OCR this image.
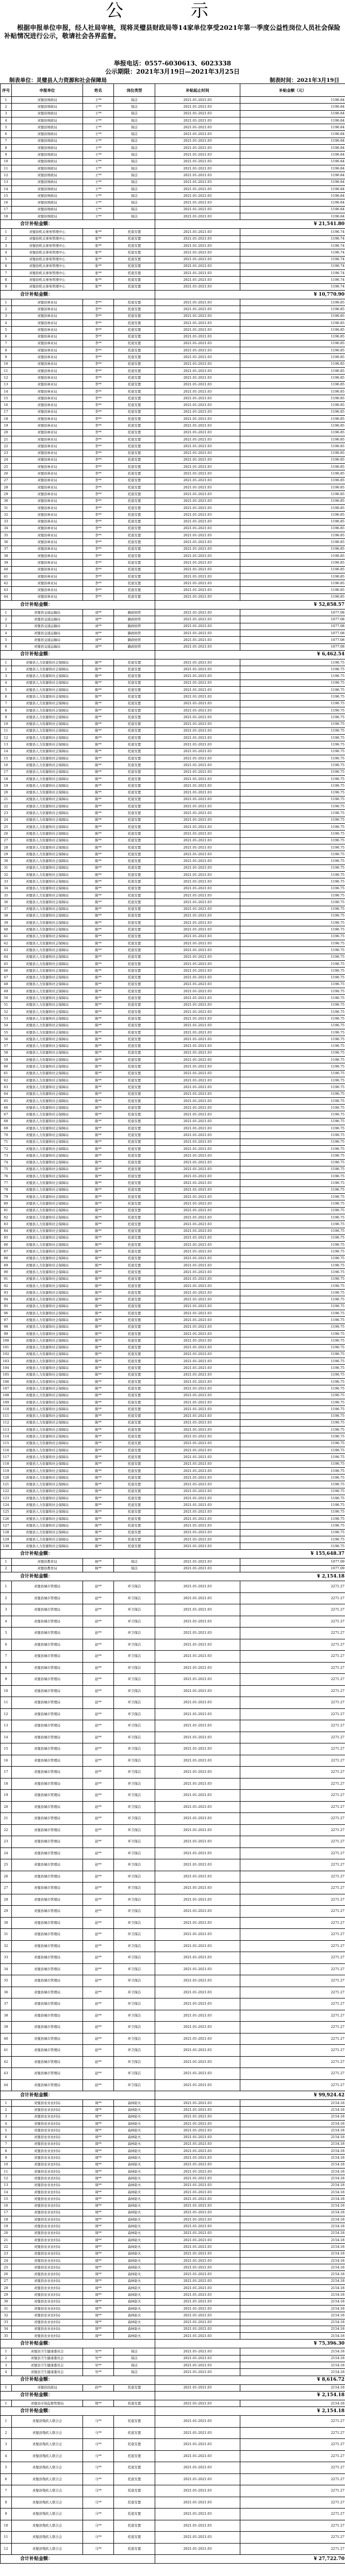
公 示
根据申报单位申报，经人社局审核，现将灵璧县财政局等14家单位享受2021年第一季度公益性岗位人员社会保险补贴情况进行公示，敬请社会各界监督。
举报电话：0557-6030613、6023338
公示期限：2021年3月19日—2021年3月25日
制表单位：灵璧县人力资源和社会保障局	制表时间：2021年3月19日
序号	申报单位	姓名	岗位类型	补贴起止时间	补贴金额（元）
1	灵璧县财政局	王**	保洁	2021.01-2021.03	1196.84
2	灵璧县财政局	王**	保洁	2021.01-2021.03	1196.84
3	灵璧县财政局	王**	保洁	2021.01-2021.03	1196.84
4	灵璧县财政局	王**	保洁	2021.01-2021.03	1196.84
5	灵璧县财政局	王**	保洁	2021.01-2021.03	1196.84
6	灵璧县财政局	王**	保洁	2021.01-2021.03	1196.84
7	灵璧县财政局	王**	保洁	2021.01-2021.03	1196.84
8	灵璧县财政局	王**	保洁	2021.01-2021.03	1196.84
9	灵璧县财政局	王**	保洁	2021.01-2021.03	1196.84
10	灵璧县财政局	王**	保洁	2021.01-2021.03	1196.84
11	灵璧县财政局	王**	保洁	2021.01-2021.03	1196.84
12	灵璧县财政局	王**	保洁	2021.01-2021.03	1196.84
13	灵璧县财政局	王**	保洁	2021.01-2021.03	1196.84
14	灵璧县财政局	王**	保洁	2021.01-2021.03	1196.84
15	灵璧县财政局	王**	保洁	2021.01-2021.03	1196.84
16	灵璧县财政局	王**	保洁	2021.01-2021.03	1196.84
17	灵璧县财政局	王**	保洁	2021.01-2021.03	1196.84
18	灵璧县财政局	王**	保洁	2021.01-2021.03	1196.84
合计补贴金额：				¥ 21,541.80	
1	灵璧县机关事务管理中心	张**	托底安置	2021.01-2021.03	1196.74
2	灵璧县机关事务管理中心	张**	托底安置	2021.01-2021.03	1196.74
3	灵璧县机关事务管理中心	张**	托底安置	2021.01-2021.03	1196.74
4	灵璧县机关事务管理中心	张**	托底安置	2021.01-2021.03	1196.74
5	灵璧县机关事务管理中心	张**	托底安置	2021.01-2021.03	1196.74
6	灵璧县机关事务管理中心	张**	托底安置	2021.01-2021.03	1196.74
7	灵璧县机关事务管理中心	张**	托底安置	2021.01-2021.03	1196.74
8	灵璧县机关事务管理中心	张**	托底安置	2021.01-2021.03	1196.74
9	灵璧县机关事务管理中心	张**	托底安置	2021.01-2021.03	1196.74
合计补贴金额：				¥ 10,770.90	
1	灵璧县林业局	李**	托底安置	2021.01-2021.03	1196.85
2	灵璧县林业局	李**	托底安置	2021.01-2021.03	1196.85
3	灵璧县林业局	李**	托底安置	2021.01-2021.03	1196.85
4	灵璧县林业局	李**	托底安置	2021.01-2021.03	1196.85
5	灵璧县林业局	李**	托底安置	2021.01-2021.03	1196.85
6	灵璧县林业局	李**	托底安置	2021.01-2021.03	1196.85
7	灵璧县林业局	李**	托底安置	2021.01-2021.03	1196.85
8	灵璧县林业局	李**	托底安置	2021.01-2021.03	1196.85
9	灵璧县林业局	李**	托底安置	2021.01-2021.03	1196.85
10	灵璧县林业局	李**	托底安置	2021.01-2021.03	1196.85
11	灵璧县林业局	李**	托底安置	2021.01-2021.03	1196.85
12	灵璧县林业局	李**	托底安置	2021.01-2021.03	1196.85
13	灵璧县林业局	李**	托底安置	2021.01-2021.03	1196.85
14	灵璧县林业局	李**	托底安置	2021.01-2021.03	1196.85
15	灵璧县林业局	李**	托底安置	2021.01-2021.03	1196.85
16	灵璧县林业局	李**	托底安置	2021.01-2021.03	1196.85
17	灵璧县林业局	李**	托底安置	2021.01-2021.03	1196.85
18	灵璧县林业局	李**	托底安置	2021.01-2021.03	1196.85
19	灵璧县林业局	李**	托底安置	2021.01-2021.03	1196.85
20	灵璧县林业局	李**	托底安置	2021.01-2021.03	1196.85
21	灵璧县林业局	李**	托底安置	2021.01-2021.03	1196.85
22	灵璧县林业局	李**	托底安置	2021.01-2021.03	1196.85
23	灵璧县林业局	李**	托底安置	2021.01-2021.03	1196.85
24	灵璧县林业局	李**	托底安置	2021.01-2021.03	1196.85
25	灵璧县林业局	李**	托底安置	2021.01-2021.03	1196.85
26	灵璧县林业局	李**	托底安置	2021.01-2021.03	1196.85
27	灵璧县林业局	李**	托底安置	2021.01-2021.03	1196.85
28	灵璧县林业局	李**	托底安置	2021.01-2021.03	1196.85
29	灵璧县林业局	李**	托底安置	2021.01-2021.03	1196.85
30	灵璧县林业局	李**	托底安置	2021.01-2021.03	1196.85
31	灵璧县林业局	李**	托底安置	2021.01-2021.03	1196.85
32	灵璧县林业局	李**	托底安置	2021.01-2021.03	1196.85
33	灵璧县林业局	李**	托底安置	2021.01-2021.03	1196.85
34	灵璧县林业局	李**	托底安置	2021.01-2021.03	1196.85
35	灵璧县林业局	李**	托底安置	2021.01-2021.03	1196.85
36	灵璧县林业局	李**	托底安置	2021.01-2021.03	1196.85
37	灵璧县林业局	李**	托底安置	2021.01-2021.03	1196.85
38	灵璧县林业局	李**	托底安置	2021.01-2021.03	1196.85
39	灵璧县林业局	李**	托底安置	2021.01-2021.03	1196.85
40	灵璧县林业局	李**	托底安置	2021.01-2021.03	1196.85
41	灵璧县林业局	李**	托底安置	2021.01-2021.03	1196.85
42	灵璧县林业局	李**	托底安置	2021.01-2021.03	1196.85
43	灵璧县林业局	李**	托底安置	2021.01-2021.03	1196.85
44	灵璧县林业局	李**	托底安置	2021.01-2021.03	1196.85
合计补贴金额：				¥ 52,858.57	
1	灵璧县交通运输局	刘**	路政协管	2021.01-2021.03	1077.08
2	灵璧县交通运输局	刘**	路政协管	2021.01-2021.03	1077.08
3	灵璧县交通运输局	刘**	路政协管	2021.01-2021.03	1077.08
4	灵璧县交通运输局	刘**	路政协管	2021.01-2021.03	1077.08
5	灵璧县交通运输局	刘**	路政协管	2021.01-2021.03	1077.08
6	灵璧县交通运输局	刘**	路政协管	2021.01-2021.03	1077.08
合计补贴金额：				¥ 6,462.54	
1	灵璧县人力资源和社会保障局	陈**	托底安置	2021.01-2021.03	1196.75
2	灵璧县人力资源和社会保障局	陈**	托底安置	2021.01-2021.03	1196.75
3	灵璧县人力资源和社会保障局	陈**	托底安置	2021.01-2021.03	1196.75
4	灵璧县人力资源和社会保障局	陈**	托底安置	2021.01-2021.03	1196.75
5	灵璧县人力资源和社会保障局	陈**	托底安置	2021.01-2021.03	1196.75
6	灵璧县人力资源和社会保障局	陈**	托底安置	2021.01-2021.03	1196.75
7	灵璧县人力资源和社会保障局	陈**	托底安置	2021.01-2021.03	1196.75
8	灵璧县人力资源和社会保障局	陈**	托底安置	2021.01-2021.03	1196.75
9	灵璧县人力资源和社会保障局	陈**	托底安置	2021.01-2021.03	1196.75
10	灵璧县人力资源和社会保障局	陈**	托底安置	2021.01-2021.03	1196.75
11	灵璧县人力资源和社会保障局	陈**	托底安置	2021.01-2021.03	1196.75
12	灵璧县人力资源和社会保障局	陈**	托底安置	2021.01-2021.03	1196.75
13	灵璧县人力资源和社会保障局	陈**	托底安置	2021.01-2021.03	1196.75
14	灵璧县人力资源和社会保障局	陈**	托底安置	2021.01-2021.03	1196.75
15	灵璧县人力资源和社会保障局	陈**	托底安置	2021.01-2021.03	1196.75
16	灵璧县人力资源和社会保障局	陈**	托底安置	2021.01-2021.03	1196.75
17	灵璧县人力资源和社会保障局	陈**	托底安置	2021.01-2021.03	1196.75
18	灵璧县人力资源和社会保障局	陈**	托底安置	2021.01-2021.03	1196.75
19	灵璧县人力资源和社会保障局	陈**	托底安置	2021.01-2021.03	1196.75
20	灵璧县人力资源和社会保障局	陈**	托底安置	2021.01-2021.03	1196.75
21	灵璧县人力资源和社会保障局	陈**	托底安置	2021.01-2021.03	1196.75
22	灵璧县人力资源和社会保障局	陈**	托底安置	2021.01-2021.03	1196.75
23	灵璧县人力资源和社会保障局	陈**	托底安置	2021.01-2021.03	1196.75
24	灵璧县人力资源和社会保障局	陈**	托底安置	2021.01-2021.03	1196.75
25	灵璧县人力资源和社会保障局	陈**	托底安置	2021.01-2021.03	1196.75
26	灵璧县人力资源和社会保障局	陈**	托底安置	2021.01-2021.03	1196.75
27	灵璧县人力资源和社会保障局	陈**	托底安置	2021.01-2021.03	1196.75
28	灵璧县人力资源和社会保障局	陈**	托底安置	2021.01-2021.03	1196.75
29	灵璧县人力资源和社会保障局	陈**	托底安置	2021.01-2021.03	1196.75
30	灵璧县人力资源和社会保障局	陈**	托底安置	2021.01-2021.03	1196.75
31	灵璧县人力资源和社会保障局	陈**	托底安置	2021.01-2021.03	1196.75
32	灵璧县人力资源和社会保障局	陈**	托底安置	2021.01-2021.03	1196.75
33	灵璧县人力资源和社会保障局	陈**	托底安置	2021.01-2021.03	1196.75
34	灵璧县人力资源和社会保障局	陈**	托底安置	2021.01-2021.03	1196.75
35	灵璧县人力资源和社会保障局	陈**	托底安置	2021.01-2021.03	1196.75
36	灵璧县人力资源和社会保障局	陈**	托底安置	2021.01-2021.03	1196.75
37	灵璧县人力资源和社会保障局	陈**	托底安置	2021.01-2021.03	1196.75
38	灵璧县人力资源和社会保障局	陈**	托底安置	2021.01-2021.03	1196.75
39	灵璧县人力资源和社会保障局	陈**	托底安置	2021.01-2021.03	1196.75
40	灵璧县人力资源和社会保障局	陈**	托底安置	2021.01-2021.03	1196.75
41	灵璧县人力资源和社会保障局	陈**	托底安置	2021.01-2021.03	1196.75
42	灵璧县人力资源和社会保障局	陈**	托底安置	2021.01-2021.03	1196.75
43	灵璧县人力资源和社会保障局	陈**	托底安置	2021.01-2021.03	1196.75
44	灵璧县人力资源和社会保障局	陈**	托底安置	2021.01-2021.03	1196.75
45	灵璧县人力资源和社会保障局	陈**	托底安置	2021.01-2021.03	1196.75
46	灵璧县人力资源和社会保障局	陈**	托底安置	2021.01-2021.03	1196.75
47	灵璧县人力资源和社会保障局	陈**	托底安置	2021.01-2021.03	1196.75
48	灵璧县人力资源和社会保障局	陈**	托底安置	2021.01-2021.03	1196.75
49	灵璧县人力资源和社会保障局	陈**	托底安置	2021.01-2021.03	1196.75
50	灵璧县人力资源和社会保障局	陈**	托底安置	2021.01-2021.03	1196.75
51	灵璧县人力资源和社会保障局	陈**	托底安置	2021.01-2021.03	1196.75
52	灵璧县人力资源和社会保障局	陈**	托底安置	2021.01-2021.03	1196.75
53	灵璧县人力资源和社会保障局	陈**	托底安置	2021.01-2021.03	1196.75
54	灵璧县人力资源和社会保障局	陈**	托底安置	2021.01-2021.03	1196.75
55	灵璧县人力资源和社会保障局	陈**	托底安置	2021.01-2021.03	1196.75
56	灵璧县人力资源和社会保障局	陈**	托底安置	2021.01-2021.03	1196.75
57	灵璧县人力资源和社会保障局	陈**	托底安置	2021.01-2021.03	1196.75
58	灵璧县人力资源和社会保障局	陈**	托底安置	2021.01-2021.03	1196.75
59	灵璧县人力资源和社会保障局	陈**	托底安置	2021.01-2021.03	1196.75
60	灵璧县人力资源和社会保障局	陈**	托底安置	2021.01-2021.03	1196.75
61	灵璧县人力资源和社会保障局	陈**	托底安置	2021.01-2021.03	1196.75
62	灵璧县人力资源和社会保障局	陈**	托底安置	2021.01-2021.03	1196.75
63	灵璧县人力资源和社会保障局	陈**	托底安置	2021.01-2021.03	1196.75
64	灵璧县人力资源和社会保障局	陈**	托底安置	2021.01-2021.03	1196.75
65	灵璧县人力资源和社会保障局	陈**	托底安置	2021.01-2021.03	1196.75
66	灵璧县人力资源和社会保障局	陈**	托底安置	2021.01-2021.03	1196.75
67	灵璧县人力资源和社会保障局	陈**	托底安置	2021.01-2021.03	1196.75
68	灵璧县人力资源和社会保障局	陈**	托底安置	2021.01-2021.03	1196.75
69	灵璧县人力资源和社会保障局	陈**	托底安置	2021.01-2021.03	1196.75
70	灵璧县人力资源和社会保障局	陈**	托底安置	2021.01-2021.03	1196.75
71	灵璧县人力资源和社会保障局	陈**	托底安置	2021.01-2021.03	1196.75
72	灵璧县人力资源和社会保障局	陈**	托底安置	2021.01-2021.03	1196.75
73	灵璧县人力资源和社会保障局	陈**	托底安置	2021.01-2021.03	1196.75
74	灵璧县人力资源和社会保障局	陈**	托底安置	2021.01-2021.03	1196.75
75	灵璧县人力资源和社会保障局	陈**	托底安置	2021.01-2021.03	1196.75
76	灵璧县人力资源和社会保障局	陈**	托底安置	2021.01-2021.03	1196.75
77	灵璧县人力资源和社会保障局	陈**	托底安置	2021.01-2021.03	1196.75
78	灵璧县人力资源和社会保障局	陈**	托底安置	2021.01-2021.03	1196.75
79	灵璧县人力资源和社会保障局	陈**	托底安置	2021.01-2021.03	1196.75
80	灵璧县人力资源和社会保障局	陈**	托底安置	2021.01-2021.03	1196.75
81	灵璧县人力资源和社会保障局	陈**	托底安置	2021.01-2021.03	1196.75
82	灵璧县人力资源和社会保障局	陈**	托底安置	2021.01-2021.03	1196.75
83	灵璧县人力资源和社会保障局	陈**	托底安置	2021.01-2021.03	1196.75
84	灵璧县人力资源和社会保障局	陈**	托底安置	2021.01-2021.03	1196.75
85	灵璧县人力资源和社会保障局	陈**	托底安置	2021.01-2021.03	1196.75
86	灵璧县人力资源和社会保障局	陈**	托底安置	2021.01-2021.03	1196.75
87	灵璧县人力资源和社会保障局	陈**	托底安置	2021.01-2021.03	1196.75
88	灵璧县人力资源和社会保障局	陈**	托底安置	2021.01-2021.03	1196.75
89	灵璧县人力资源和社会保障局	陈**	托底安置	2021.01-2021.03	1196.75
90	灵璧县人力资源和社会保障局	陈**	托底安置	2021.01-2021.03	1196.75
91	灵璧县人力资源和社会保障局	陈**	托底安置	2021.01-2021.03	1196.75
92	灵璧县人力资源和社会保障局	陈**	托底安置	2021.01-2021.03	1196.75
93	灵璧县人力资源和社会保障局	陈**	托底安置	2021.01-2021.03	1196.75
94	灵璧县人力资源和社会保障局	陈**	托底安置	2021.01-2021.03	1196.75
95	灵璧县人力资源和社会保障局	陈**	托底安置	2021.01-2021.03	1196.75
96	灵璧县人力资源和社会保障局	陈**	托底安置	2021.01-2021.03	1196.75
97	灵璧县人力资源和社会保障局	陈**	托底安置	2021.01-2021.03	1196.75
98	灵璧县人力资源和社会保障局	陈**	托底安置	2021.01-2021.03	1196.75
99	灵璧县人力资源和社会保障局	陈**	托底安置	2021.01-2021.03	1196.75
100	灵璧县人力资源和社会保障局	陈**	托底安置	2021.01-2021.03	1196.75
101	灵璧县人力资源和社会保障局	陈**	托底安置	2021.01-2021.03	1196.75
102	灵璧县人力资源和社会保障局	陈**	托底安置	2021.01-2021.03	1196.75
103	灵璧县人力资源和社会保障局	陈**	托底安置	2021.01-2021.03	1196.75
104	灵璧县人力资源和社会保障局	陈**	托底安置	2021.01-2021.03	1196.75
105	灵璧县人力资源和社会保障局	陈**	托底安置	2021.01-2021.03	1196.75
106	灵璧县人力资源和社会保障局	陈**	托底安置	2021.01-2021.03	1196.75
107	灵璧县人力资源和社会保障局	陈**	托底安置	2021.01-2021.03	1196.75
108	灵璧县人力资源和社会保障局	陈**	托底安置	2021.01-2021.03	1196.75
109	灵璧县人力资源和社会保障局	陈**	托底安置	2021.01-2021.03	1196.75
110	灵璧县人力资源和社会保障局	陈**	托底安置	2021.01-2021.03	1196.75
111	灵璧县人力资源和社会保障局	陈**	托底安置	2021.01-2021.03	1196.75
112	灵璧县人力资源和社会保障局	陈**	托底安置	2021.01-2021.03	1196.75
113	灵璧县人力资源和社会保障局	陈**	托底安置	2021.01-2021.03	1196.75
114	灵璧县人力资源和社会保障局	陈**	托底安置	2021.01-2021.03	1196.75
115	灵璧县人力资源和社会保障局	陈**	托底安置	2021.01-2021.03	1196.75
116	灵璧县人力资源和社会保障局	陈**	托底安置	2021.01-2021.03	1196.75
117	灵璧县人力资源和社会保障局	陈**	托底安置	2021.01-2021.03	1196.75
118	灵璧县人力资源和社会保障局	陈**	托底安置	2021.01-2021.03	1196.75
119	灵璧县人力资源和社会保障局	陈**	托底安置	2021.01-2021.03	1196.75
120	灵璧县人力资源和社会保障局	陈**	托底安置	2021.01-2021.03	1196.75
121	灵璧县人力资源和社会保障局	陈**	托底安置	2021.01-2021.03	1196.75
122	灵璧县人力资源和社会保障局	陈**	托底安置	2021.01-2021.03	1196.75
123	灵璧县人力资源和社会保障局	陈**	托底安置	2021.01-2021.03	1196.75
124	灵璧县人力资源和社会保障局	陈**	托底安置	2021.01-2021.03	1196.75
125	灵璧县人力资源和社会保障局	陈**	托底安置	2021.01-2021.03	1196.75
126	灵璧县人力资源和社会保障局	陈**	托底安置	2021.01-2021.03	1196.75
127	灵璧县人力资源和社会保障局	陈**	托底安置	2021.01-2021.03	1196.75
128	灵璧县人力资源和社会保障局	陈**	托底安置	2021.01-2021.03	1196.75
129	灵璧县人力资源和社会保障局	陈**	托底安置	2021.01-2021.03	1196.75
130	灵璧县人力资源和社会保障局	陈**	托底安置	2021.01-2021.03	1196.75
合计补贴金额：				¥ 155,648.37	
1	灵璧县教育局	杨**	保洁	2021.01-2021.03	1077.09
2	灵璧县教育局	杨**	保洁	2021.01-2021.03	1077.09
合计补贴金额：				¥ 2,154.18	
1	灵璧县城市管理局	赵**	环卫保洁	2021.01-2021.03	2271.27
2	灵璧县城市管理局	赵**	环卫保洁	2021.01-2021.03	2271.27
3	灵璧县城市管理局	赵**	环卫保洁	2021.01-2021.03	2271.27
4	灵璧县城市管理局	赵**	环卫保洁	2021.01-2021.03	2271.27
5	灵璧县城市管理局	赵**	环卫保洁	2021.01-2021.03	2271.27
6	灵璧县城市管理局	赵**	环卫保洁	2021.01-2021.03	2271.27
7	灵璧县城市管理局	赵**	环卫保洁	2021.01-2021.03	2271.27
8	灵璧县城市管理局	赵**	环卫保洁	2021.01-2021.03	2271.27
9	灵璧县城市管理局	赵**	环卫保洁	2021.01-2021.03	2271.27
10	灵璧县城市管理局	赵**	环卫保洁	2021.01-2021.03	2271.27
11	灵璧县城市管理局	赵**	环卫保洁	2021.01-2021.03	2271.27
12	灵璧县城市管理局	赵**	环卫保洁	2021.01-2021.03	2271.27
13	灵璧县城市管理局	赵**	环卫保洁	2021.01-2021.03	2271.27
14	灵璧县城市管理局	赵**	环卫保洁	2021.01-2021.03	2271.27
15	灵璧县城市管理局	赵**	环卫保洁	2021.01-2021.03	2271.27
16	灵璧县城市管理局	赵**	环卫保洁	2021.01-2021.03	2271.27
17	灵璧县城市管理局	赵**	环卫保洁	2021.01-2021.03	2271.27
18	灵璧县城市管理局	赵**	环卫保洁	2021.01-2021.03	2271.27
19	灵璧县城市管理局	赵**	环卫保洁	2021.01-2021.03	2271.27
20	灵璧县城市管理局	赵**	环卫保洁	2021.01-2021.03	2271.27
21	灵璧县城市管理局	赵**	环卫保洁	2021.01-2021.03	2271.27
22	灵璧县城市管理局	赵**	环卫保洁	2021.01-2021.03	2271.27
23	灵璧县城市管理局	赵**	环卫保洁	2021.01-2021.03	2271.27
24	灵璧县城市管理局	赵**	环卫保洁	2021.01-2021.03	2271.27
25	灵璧县城市管理局	赵**	环卫保洁	2021.01-2021.03	2271.27
26	灵璧县城市管理局	赵**	环卫保洁	2021.01-2021.03	2271.27
27	灵璧县城市管理局	赵**	环卫保洁	2021.01-2021.03	2271.27
28	灵璧县城市管理局	赵**	环卫保洁	2021.01-2021.03	2271.27
29	灵璧县城市管理局	赵**	环卫保洁	2021.01-2021.03	2271.27
30	灵璧县城市管理局	赵**	环卫保洁	2021.01-2021.03	2271.27
31	灵璧县城市管理局	赵**	环卫保洁	2021.01-2021.03	2271.27
32	灵璧县城市管理局	赵**	环卫保洁	2021.01-2021.03	2271.27
33	灵璧县城市管理局	赵**	环卫保洁	2021.01-2021.03	2271.27
34	灵璧县城市管理局	赵**	环卫保洁	2021.01-2021.03	2271.27
35	灵璧县城市管理局	赵**	环卫保洁	2021.01-2021.03	2271.27
36	灵璧县城市管理局	赵**	环卫保洁	2021.01-2021.03	2271.27
37	灵璧县城市管理局	赵**	环卫保洁	2021.01-2021.03	2271.27
38	灵璧县城市管理局	赵**	环卫保洁	2021.01-2021.03	2271.27
39	灵璧县城市管理局	赵**	环卫保洁	2021.01-2021.03	2271.27
40	灵璧县城市管理局	赵**	环卫保洁	2021.01-2021.03	2271.27
41	灵璧县城市管理局	赵**	环卫保洁	2021.01-2021.03	2271.27
42	灵璧县城市管理局	赵**	环卫保洁	2021.01-2021.03	2271.27
43	灵璧县城市管理局	赵**	环卫保洁	2021.01-2021.03	2271.27
44	灵璧县城市管理局	赵**	环卫保洁	2021.01-2021.03	2271.27
合计补贴金额：				¥ 99,924.42	
1	灵璧县农业农村局	周**	森林防火	2021.01-2021.03	2154.18
2	灵璧县农业农村局	周**	森林防火	2021.01-2021.03	2154.18
3	灵璧县农业农村局	周**	森林防火	2021.01-2021.03	2154.18
4	灵璧县农业农村局	周**	森林防火	2021.01-2021.03	2154.18
5	灵璧县农业农村局	周**	森林防火	2021.01-2021.03	2154.18
6	灵璧县农业农村局	周**	森林防火	2021.01-2021.03	2154.18
7	灵璧县农业农村局	周**	森林防火	2021.01-2021.03	2154.18
8	灵璧县农业农村局	周**	森林防火	2021.01-2021.03	2154.18
9	灵璧县农业农村局	周**	森林防火	2021.01-2021.03	2154.18
10	灵璧县农业农村局	周**	森林防火	2021.01-2021.03	2154.18
11	灵璧县农业农村局	周**	森林防火	2021.01-2021.03	2154.18
12	灵璧县农业农村局	周**	森林防火	2021.01-2021.03	2154.18
13	灵璧县农业农村局	周**	森林防火	2021.01-2021.03	2154.18
14	灵璧县农业农村局	周**	森林防火	2021.01-2021.03	2154.18
15	灵璧县农业农村局	周**	森林防火	2021.01-2021.03	2154.18
16	灵璧县农业农村局	周**	森林防火	2021.01-2021.03	2154.18
17	灵璧县农业农村局	周**	森林防火	2021.01-2021.03	2154.18
18	灵璧县农业农村局	周**	森林防火	2021.01-2021.03	2154.18
19	灵璧县农业农村局	周**	森林防火	2021.01-2021.03	2154.18
20	灵璧县农业农村局	周**	森林防火	2021.01-2021.03	2154.18
21	灵璧县农业农村局	周**	森林防火	2021.01-2021.03	2154.18
22	灵璧县农业农村局	周**	森林防火	2021.01-2021.03	2154.18
23	灵璧县农业农村局	周**	森林防火	2021.01-2021.03	2154.18
24	灵璧县农业农村局	周**	森林防火	2021.01-2021.03	2154.18
25	灵璧县农业农村局	周**	森林防火	2021.01-2021.03	2154.18
26	灵璧县农业农村局	周**	森林防火	2021.01-2021.03	2154.18
27	灵璧县农业农村局	周**	森林防火	2021.01-2021.03	2154.18
28	灵璧县农业农村局	周**	森林防火	2021.01-2021.03	2154.18
29	灵璧县农业农村局	周**	森林防火	2021.01-2021.03	2154.18
30	灵璧县农业农村局	周**	森林防火	2021.01-2021.03	2154.18
31	灵璧县农业农村局	周**	森林防火	2021.01-2021.03	2154.18
32	灵璧县农业农村局	周**	森林防火	2021.01-2021.03	2154.18
33	灵璧县农业农村局	周**	森林防火	2021.01-2021.03	2154.18
34	灵璧县农业农村局	周**	森林防火	2021.01-2021.03	2154.18
35	灵璧县农业农村局	周**	森林防火	2021.01-2021.03	2154.18
合计补贴金额：				¥ 75,396.30	
1	灵璧县卫生健康委员会	吴**	保洁	2021.01-2021.03	2154.18
2	灵璧县卫生健康委员会	吴**	保洁	2021.01-2021.03	2154.18
3	灵璧县卫生健康委员会	吴**	保洁	2021.01-2021.03	2154.18
4	灵璧县卫生健康委员会	吴**	保洁	2021.01-2021.03	2154.18
合计补贴金额：				¥ 8,616.72	
1	灵璧县民政局	孙**	托底安置	2021.01-2021.03	2154.18
合计补贴金额：				¥ 2,154.18	
1	灵璧县市场监督管理局	郑**	托底安置	2021.01-2021.03	2154.18
合计补贴金额：				¥ 2,154.18	
1	灵璧县残疾人联合会	马**	托底安置	2021.01-2021.03	2271.27
2	灵璧县残疾人联合会	马**	托底安置	2021.01-2021.03	2271.27
3	灵璧县残疾人联合会	马**	托底安置	2021.01-2021.03	2271.27
4	灵璧县残疾人联合会	马**	托底安置	2021.01-2021.03	2271.27
5	灵璧县残疾人联合会	马**	托底安置	2021.01-2021.03	2271.27
6	灵璧县残疾人联合会	马**	托底安置	2021.01-2021.03	2271.27
7	灵璧县残疾人联合会	马**	托底安置	2021.01-2021.03	2271.27
8	灵璧县残疾人联合会	马**	托底安置	2021.01-2021.03	2271.27
9	灵璧县残疾人联合会	马**	托底安置	2021.01-2021.03	2271.27
10	灵璧县残疾人联合会	马**	托底安置	2021.01-2021.03	2271.27
11	灵璧县残疾人联合会	马**	托底安置	2021.01-2021.03	2271.27
12	灵璧县残疾人联合会	马**	托底安置	2021.01-2021.03	2271.27
合计补贴金额：				¥ 27,722.70	
